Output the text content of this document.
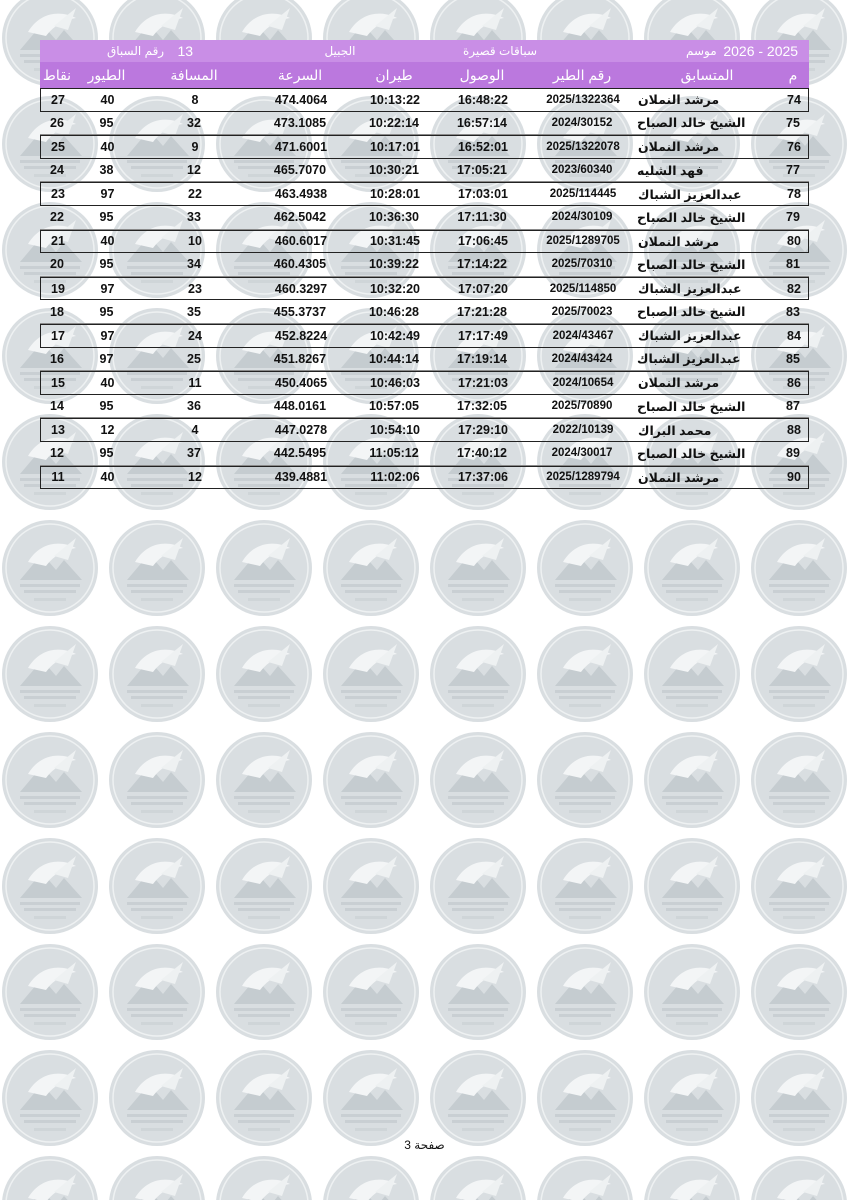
موسم
2026 - 2025
سباقات قصيرة
الجبيل
رقم السباق
13
نقاط	الطيور	المسافة	السرعة	طيران	الوصول	رقم الطير	المتسابق	م
27	40	8	474.4064	10:13:22	16:48:22	2025/1322364	مرشد النملان	74
26	95	32	473.1085	10:22:14	16:57:14	2024/30152	الشيخ خالد الصباح	75
25	40	9	471.6001	10:17:01	16:52:01	2025/1322078	مرشد النملان	76
24	38	12	465.7070	10:30:21	17:05:21	2023/60340	فهد الشليه	77
23	97	22	463.4938	10:28:01	17:03:01	2025/114445	عبدالعزيز الشباك	78
22	95	33	462.5042	10:36:30	17:11:30	2024/30109	الشيخ خالد الصباح	79
21	40	10	460.6017	10:31:45	17:06:45	2025/1289705	مرشد النملان	80
20	95	34	460.4305	10:39:22	17:14:22	2025/70310	الشيخ خالد الصباح	81
19	97	23	460.3297	10:32:20	17:07:20	2025/114850	عبدالعزيز الشباك	82
18	95	35	455.3737	10:46:28	17:21:28	2025/70023	الشيخ خالد الصباح	83
17	97	24	452.8224	10:42:49	17:17:49	2024/43467	عبدالعزيز الشباك	84
16	97	25	451.8267	10:44:14	17:19:14	2024/43424	عبدالعزيز الشباك	85
15	40	11	450.4065	10:46:03	17:21:03	2024/10654	مرشد النملان	86
14	95	36	448.0161	10:57:05	17:32:05	2025/70890	الشيخ خالد الصباح	87
13	12	4	447.0278	10:54:10	17:29:10	2022/10139	محمد البراك	88
12	95	37	442.5495	11:05:12	17:40:12	2024/30017	الشيخ خالد الصباح	89
11	40	12	439.4881	11:02:06	17:37:06	2025/1289794	مرشد النملان	90
صفحة 3
